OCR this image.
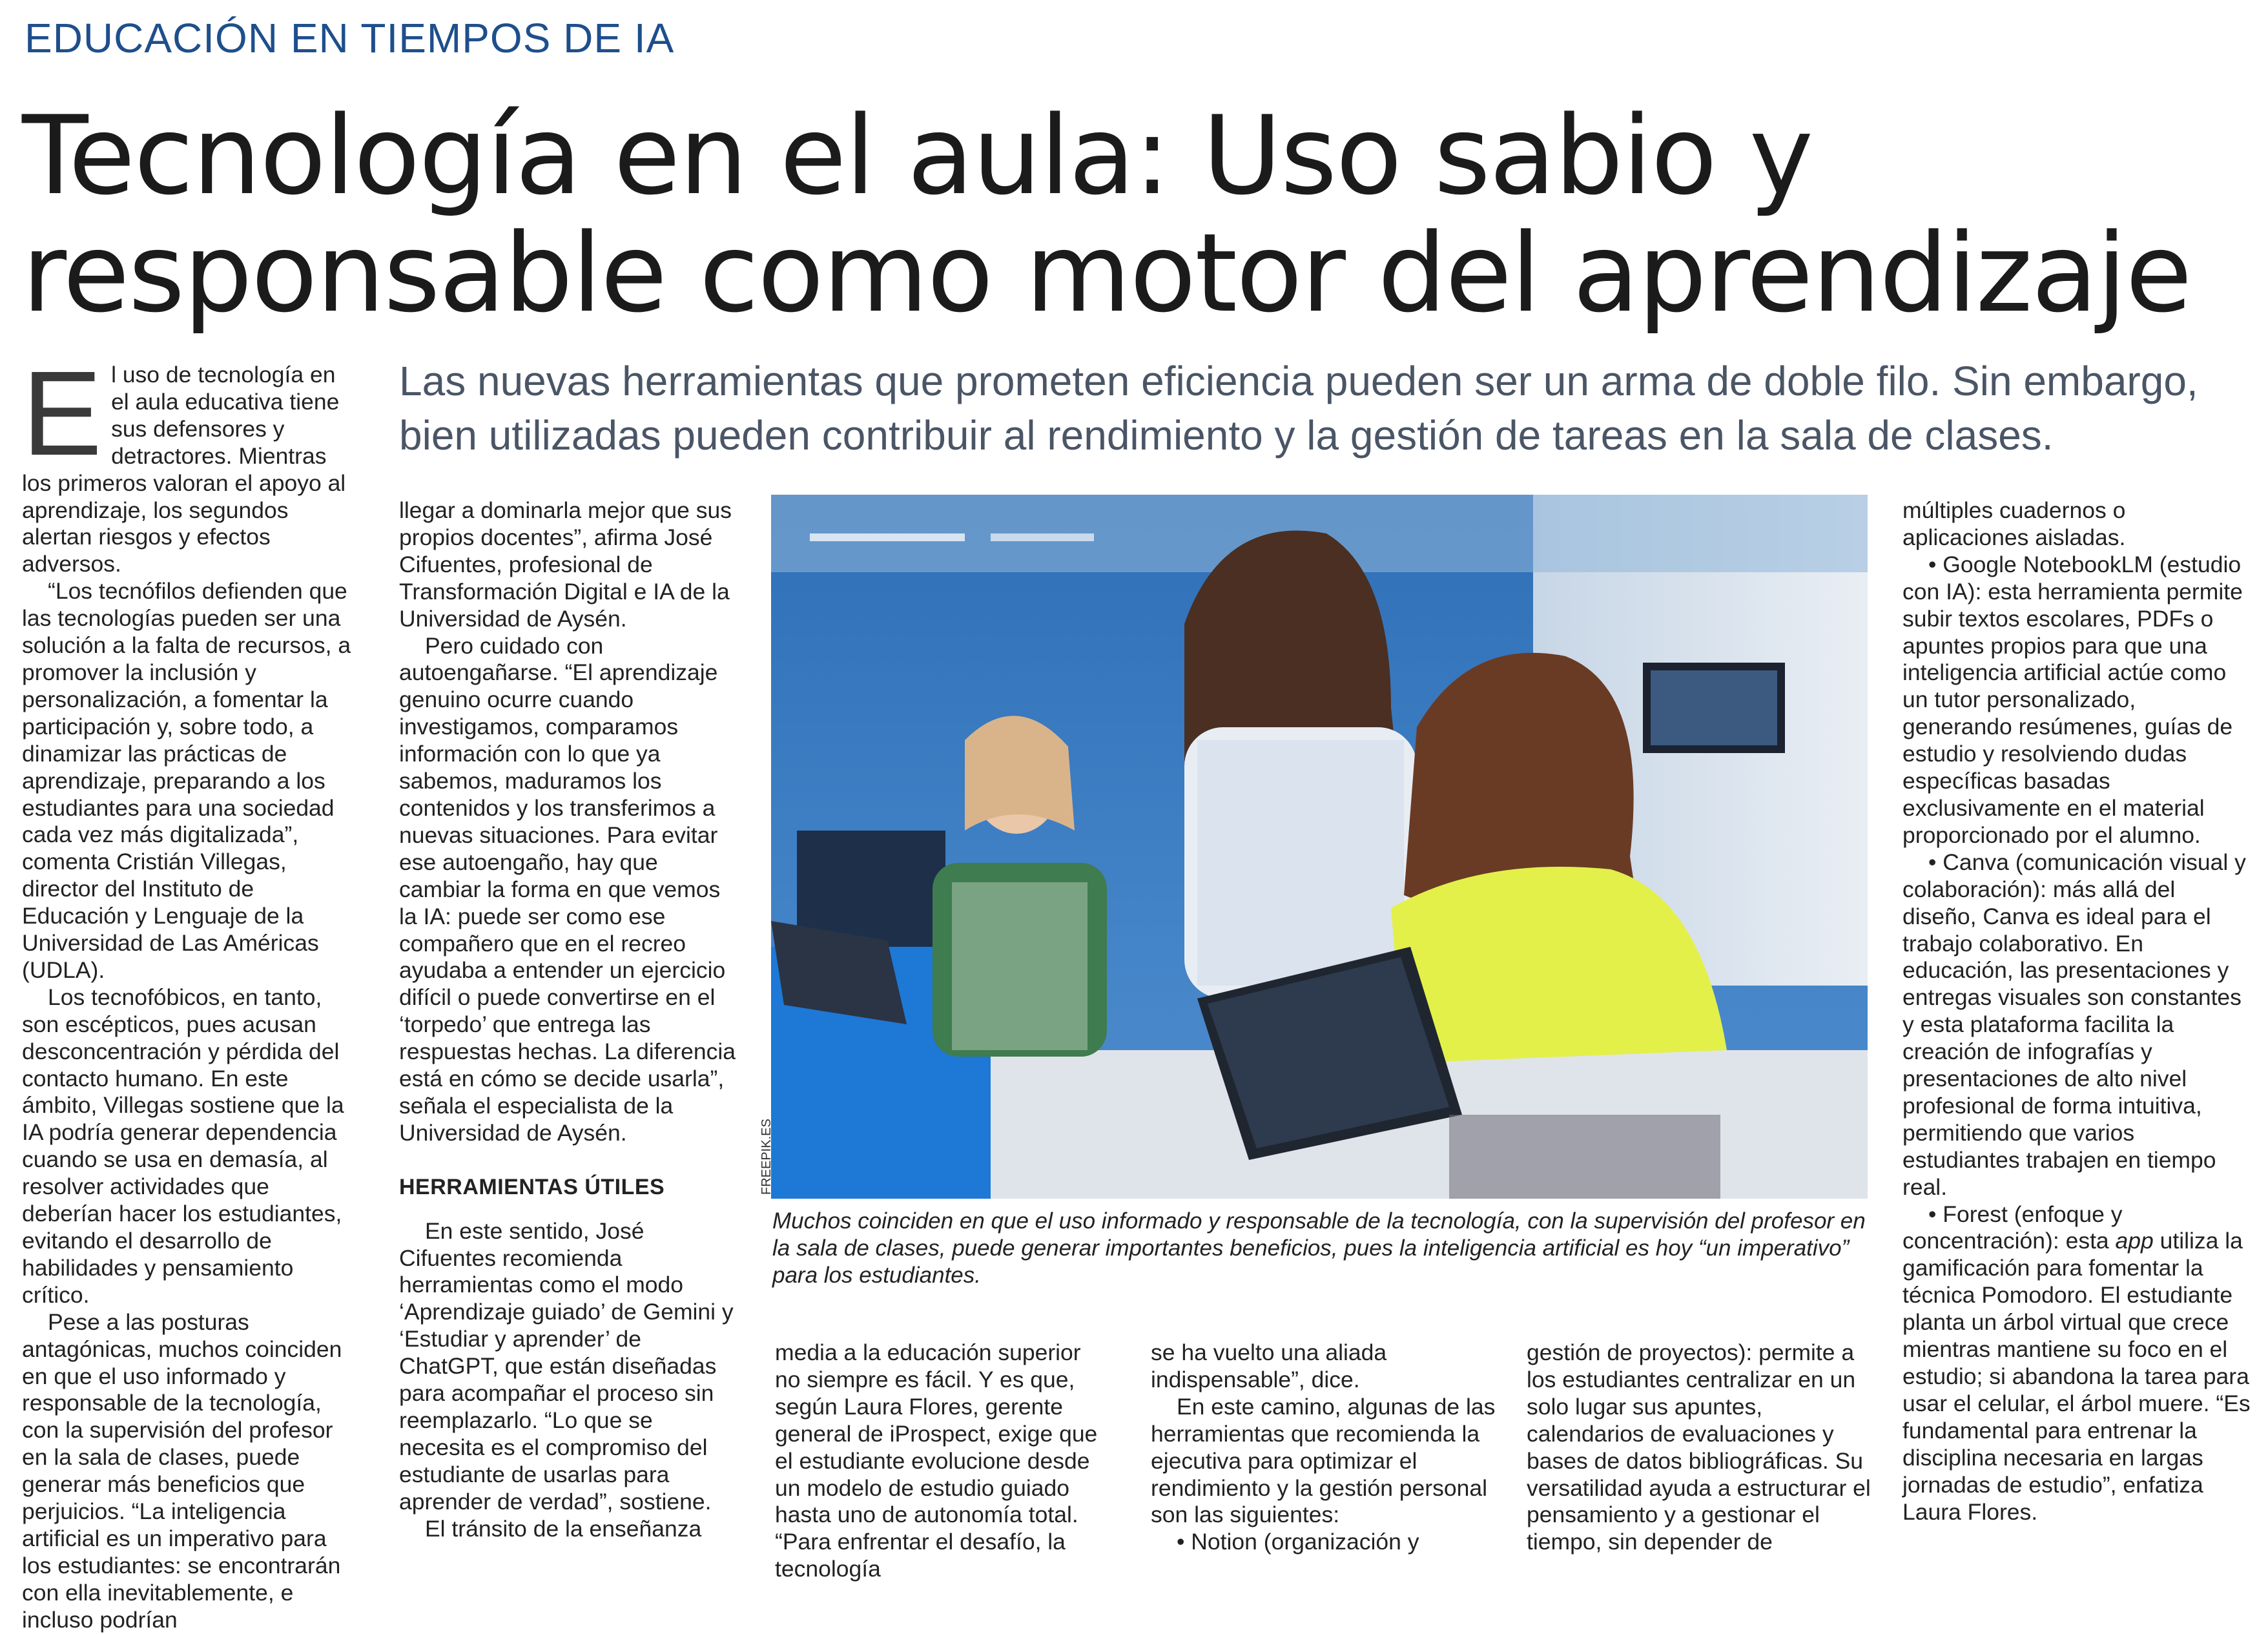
EDUCACIÓN EN TIEMPOS DE IA
Tecnología en el aula: Uso sabio y
responsable como motor del aprendizaje

Las nuevas herramientas que prometen eficiencia pueden ser un arma de doble filo. Sin embargo, bien utilizadas pueden contribuir al rendimiento y la gestión de tareas en la sala de clases.

El uso de tecnología en el aula educativa tiene sus defensores y detractores. Mientras los primeros valoran el apoyo al aprendizaje, los segundos alertan riesgos y efectos adversos.

“Los tecnófilos defienden que las tecnologías pueden ser una solución a la falta de recursos, a promover la inclusión y personalización, a fomentar la participación y, sobre todo, a dinamizar las prácticas de aprendizaje, preparando a los estudiantes para una sociedad cada vez más digitalizada”, comenta Cristián Villegas, director del Instituto de Educación y Lenguaje de la Universidad de Las Américas (UDLA).

Los tecnofóbicos, en tanto, son escépticos, pues acusan desconcentración y pérdida del contacto humano. En este ámbito, Villegas sostiene que la IA podría generar dependencia cuando se usa en demasía, al resolver actividades que deberían hacer los estudiantes, evitando el desarrollo de habilidades y pensamiento crítico.

Pese a las posturas antagónicas, muchos coinciden en que el uso informado y responsable de la tecnología, con la supervisión del profesor en la sala de clases, puede generar más beneficios que perjuicios. “La inteligencia artificial es un imperativo para los estudiantes: se encontrarán con ella inevitablemente, e incluso podrían

llegar a dominarla mejor que sus propios docentes”, afirma José Cifuentes, profesional de Transformación Digital e IA de la Universidad de Aysén.

Pero cuidado con autoengañarse. “El aprendizaje genuino ocurre cuando investigamos, comparamos información con lo que ya sabemos, maduramos los contenidos y los transferimos a nuevas situaciones. Para evitar ese autoengaño, hay que cambiar la forma en que vemos la IA: puede ser como ese compañero que en el recreo ayudaba a entender un ejercicio difícil o puede convertirse en el ‘torpedo’ que entrega las respuestas hechas. La diferencia está en cómo se decide usarla”, señala el especialista de la Universidad de Aysén.

HERRAMIENTAS ÚTILES

En este sentido, José Cifuentes recomienda herramientas como el modo ‘Aprendizaje guiado’ de Gemini y ‘Estudiar y aprender’ de ChatGPT, que están diseñadas para acompañar el proceso sin reemplazarlo. “Lo que se necesita es el compromiso del estudiante de usarlas para aprender de verdad”, sostiene.

El tránsito de la enseñanza

FREEPIK.ES

Muchos coinciden en que el uso informado y responsable de la tecnología, con la supervisión del profesor en la sala de clases, puede generar importantes beneficios, pues la inteligencia artificial es hoy “un imperativo” para los estudiantes.

media a la educación superior no siempre es fácil. Y es que, según Laura Flores, gerente general de iProspect, exige que el estudiante evolucione desde un modelo de estudio guiado hasta uno de autonomía total. “Para enfrentar el desafío, la tecnología

se ha vuelto una aliada indispensable”, dice.

En este camino, algunas de las herramientas que recomienda la ejecutiva para optimizar el rendimiento y la gestión personal son las siguientes:

• Notion (organización y

gestión de proyectos): permite a los estudiantes centralizar en un solo lugar sus apuntes, calendarios de evaluaciones y bases de datos bibliográficas. Su versatilidad ayuda a estructurar el pensamiento y a gestionar el tiempo, sin depender de

múltiples cuadernos o aplicaciones aisladas.

• Google NotebookLM (estudio con IA): esta herramienta permite subir textos escolares, PDFs o apuntes propios para que una inteligencia artificial actúe como un tutor personalizado, generando resúmenes, guías de estudio y resolviendo dudas específicas basadas exclusivamente en el material proporcionado por el alumno.

• Canva (comunicación visual y colaboración): más allá del diseño, Canva es ideal para el trabajo colaborativo. En educación, las presentaciones y entregas visuales son constantes y esta plataforma facilita la creación de infografías y presentaciones de alto nivel profesional de forma intuitiva, permitiendo que varios estudiantes trabajen en tiempo real.

• Forest (enfoque y concentración): esta app utiliza la gamificación para fomentar la técnica Pomodoro. El estudiante planta un árbol virtual que crece mientras mantiene su foco en el estudio; si abandona la tarea para usar el celular, el árbol muere. “Es fundamental para entrenar la disciplina necesaria en largas jornadas de estudio”, enfatiza Laura Flores.
